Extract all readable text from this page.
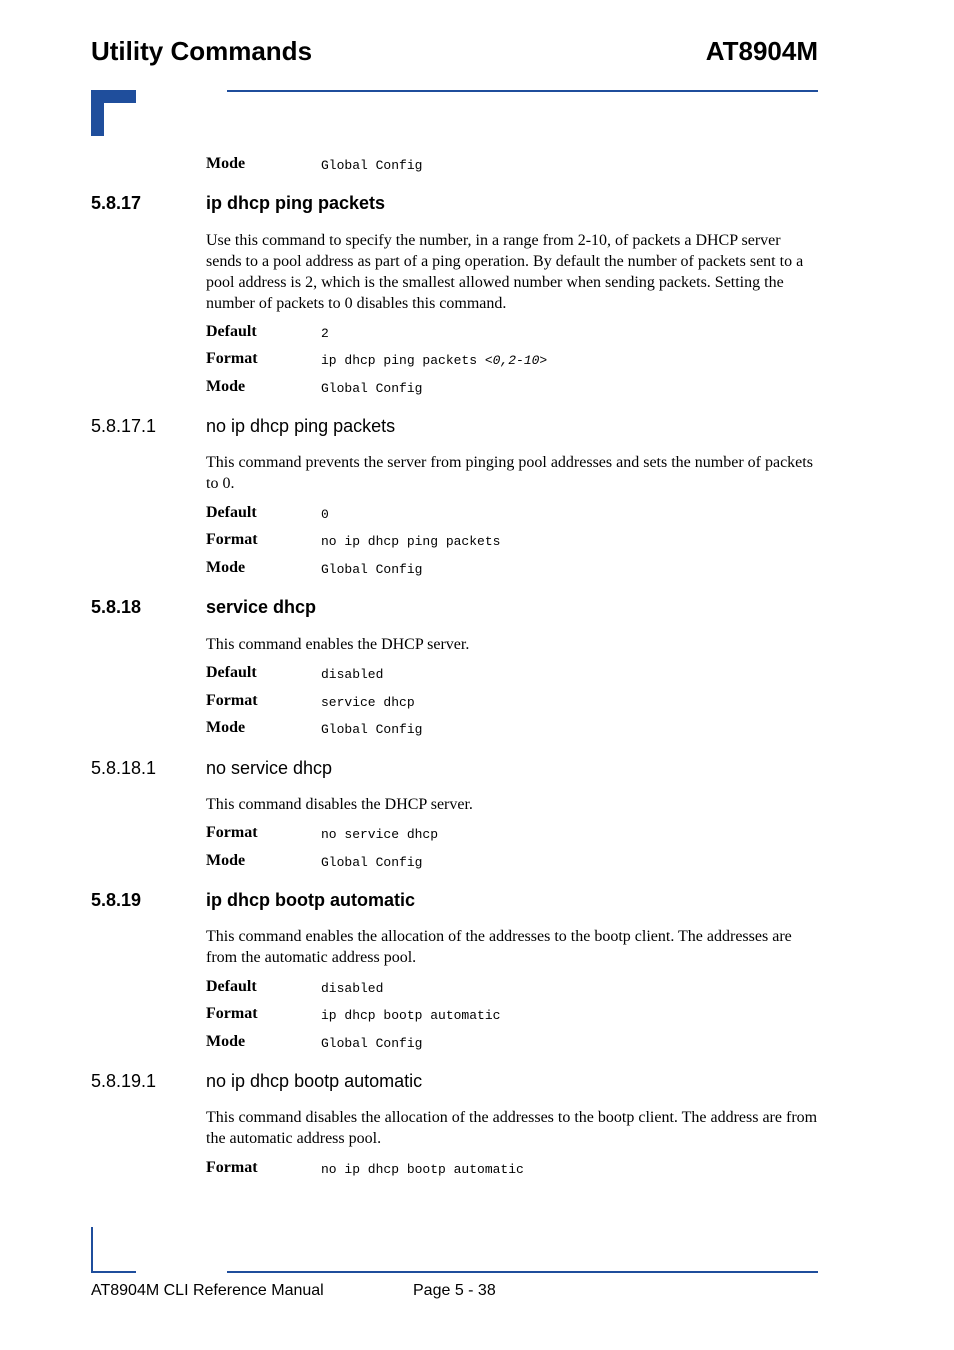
Utility Commands	AT8904M
Mode	Global Config
5.8.17	ip dhcp ping packets
Use this command to specify the number, in a range from 2-10, of packets a DHCP server sends to a pool address as part of a ping operation. By default the number of packets sent to a pool address is 2, which is the smallest allowed number when sending packets. Setting the number of packets to 0 disables this command.
Default	2
Format	ip dhcp ping packets <0,2-10>
Mode	Global Config
5.8.17.1	no ip dhcp ping packets
This command prevents the server from pinging pool addresses and sets the number of packets to 0.
Default	0
Format	no ip dhcp ping packets
Mode	Global Config
5.8.18	service dhcp
This command enables the DHCP server.
Default	disabled
Format	service dhcp
Mode	Global Config
5.8.18.1	no service dhcp
This command disables the DHCP server.
Format	no service dhcp
Mode	Global Config
5.8.19	ip dhcp bootp automatic
This command enables the allocation of the addresses to the bootp client. The addresses are from the automatic address pool.
Default	disabled
Format	ip dhcp bootp automatic
Mode	Global Config
5.8.19.1	no ip dhcp bootp automatic
This command disables the allocation of the addresses to the bootp client. The address are from the automatic address pool.
Format	no ip dhcp bootp automatic
AT8904M CLI Reference Manual	Page 5 - 38
